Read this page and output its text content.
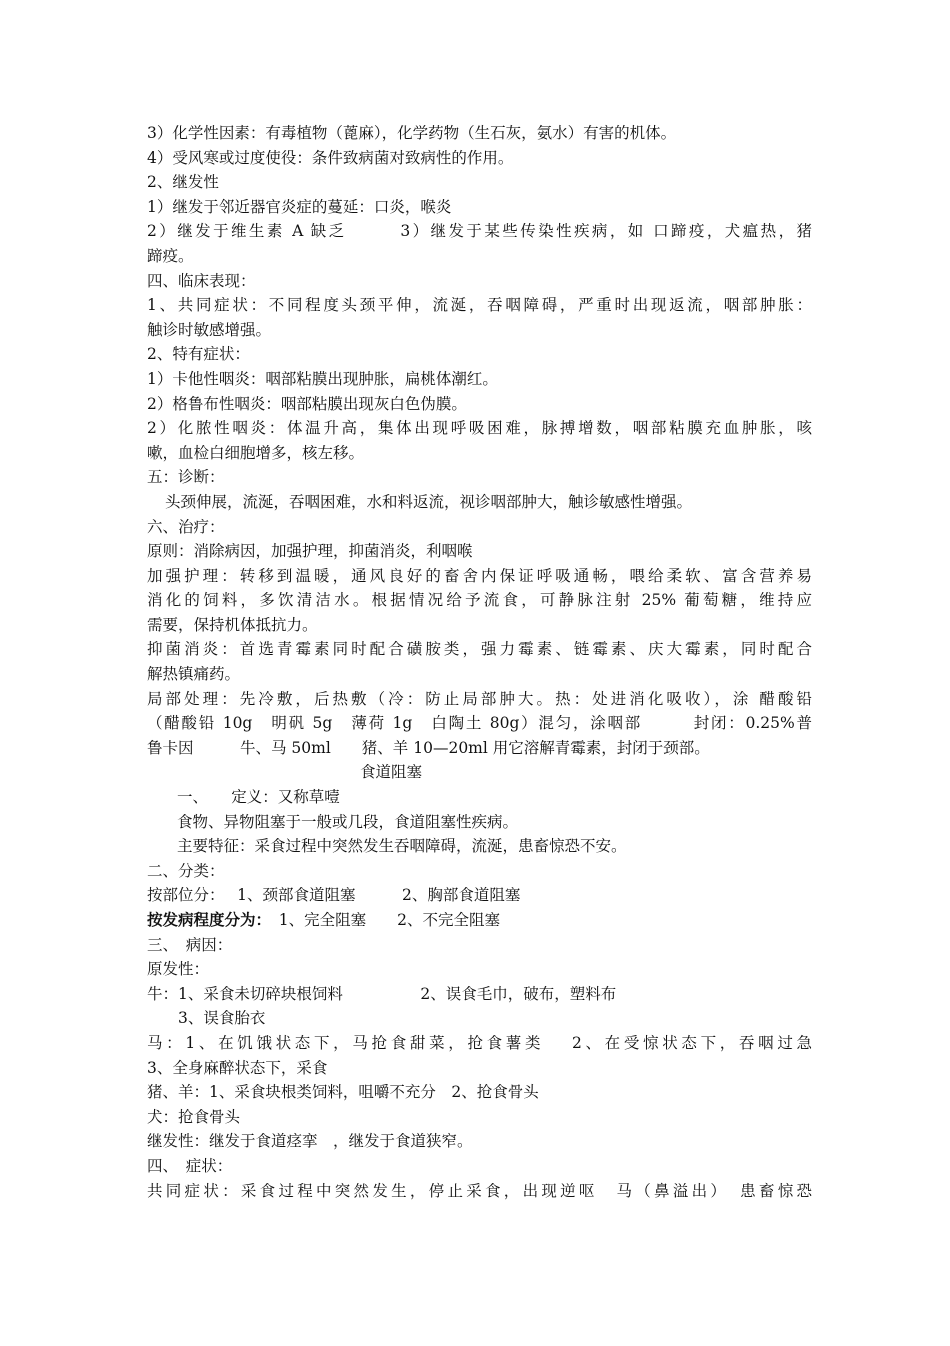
3）化学性因素：有毒植物（蓖麻），化学药物（生石灰，氨水）有害的机体。
4）受风寒或过度使役：条件致病菌对致病性的作用。
2、继发性
1）继发于邻近器官炎症的蔓延：口炎，喉炎
2）继发于维生素 A 缺乏　　　3）继发于某些传染性疾病，如 口蹄疫，犬瘟热，猪
蹄疫。
四、临床表现：
1、共同症状：不同程度头颈平伸，流涎，吞咽障碍，严重时出现返流，咽部肿胀：
触诊时敏感增强。
2、特有症状：
1）卡他性咽炎：咽部粘膜出现肿胀，扁桃体潮红。
2）格鲁布性咽炎：咽部粘膜出现灰白色伪膜。
2）化脓性咽炎：体温升高，集体出现呼吸困难，脉搏增数，咽部粘膜充血肿胀，咳
嗽，血检白细胞增多，核左移。
五：诊断：
头颈伸展，流涎，吞咽困难，水和料返流，视诊咽部肿大，触诊敏感性增强。
六、治疗：
原则：消除病因，加强护理，抑菌消炎，利咽喉
加强护理：转移到温暖，通风良好的畜舍内保证呼吸通畅，喂给柔软、富含营养易
消化的饲料，多饮清洁水。根据情况给予流食，可静脉注射 25% 葡萄糖，维持应
需要，保持机体抵抗力。
抑菌消炎：首选青霉素同时配合磺胺类，强力霉素、链霉素、庆大霉素，同时配合
解热镇痛药。
局部处理：先冷敷，后热敷（冷：防止局部肿大。热：处进消化吸收），涂 醋酸铅
（醋酸铅 10g　明矾 5g　薄荷 1g　白陶土 80g）混匀，涂咽部　　　封闭：0.25%普
鲁卡因　　　牛、马 50ml　　猪、羊 10—20ml 用它溶解青霉素，封闭于颈部。
食道阻塞
一、　　定义：又称草噎
食物、异物阻塞于一般或几段，食道阻塞性疾病。
主要特征：采食过程中突然发生吞咽障碍，流涎，患畜惊恐不安。
二、分类：
按部位分：　 1、颈部食道阻塞　　　2、胸部食道阻塞
按发病程度分为：　1、完全阻塞　　2、不完全阻塞
三、　病因：
原发性：
牛：1、采食未切碎块根饲料　　　　　2、误食毛巾，破布，塑料布
　　3、误食胎衣
马：1、在饥饿状态下，马抢食甜菜，抢食薯类　 2、在受惊状态下，吞咽过急
3、全身麻醉状态下，采食
猪、羊：1、采食块根类饲料，咀嚼不充分　2、抢食骨头
犬：抢食骨头
继发性：继发于食道痉挛　，继发于食道狭窄。
四、　症状：
共同症状：采食过程中突然发生，停止采食，出现逆呕　马（鼻溢出）　患畜惊恐
